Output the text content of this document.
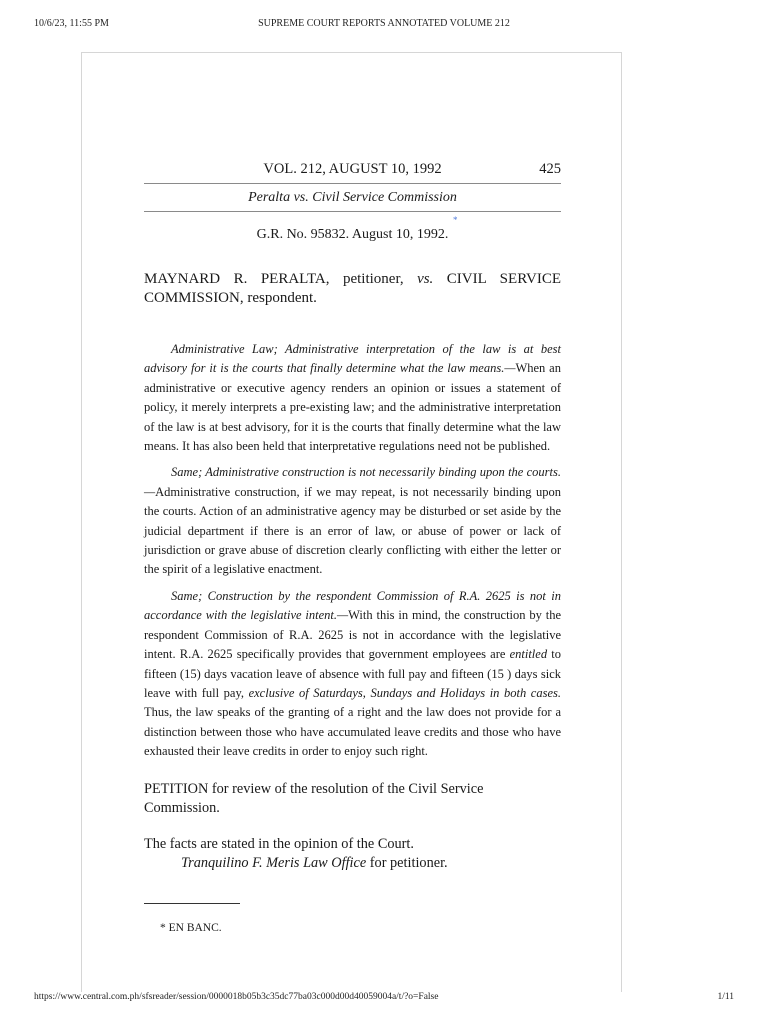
10/6/23, 11:55 PM	SUPREME COURT REPORTS ANNOTATED VOLUME 212
VOL. 212, AUGUST 10, 1992	425
Peralta vs. Civil Service Commission
*
G.R. No. 95832. August 10, 1992.
MAYNARD R. PERALTA, petitioner, vs. CIVIL SERVICE COMMISSION, respondent.

Administrative Law; Administrative interpretation of the law is at best advisory for it is the courts that finally determine what the law means.—When an administrative or executive agency renders an opinion or issues a statement of policy, it merely interprets a pre-existing law; and the administrative interpretation of the law is at best advisory, for it is the courts that finally determine what the law means. It has also been held that interpretative regulations need not be published.

Same; Administrative construction is not necessarily binding upon the courts.—Administrative construction, if we may repeat, is not necessarily binding upon the courts. Action of an administrative agency may be disturbed or set aside by the judicial department if there is an error of law, or abuse of power or lack of jurisdiction or grave abuse of discretion clearly conflicting with either the letter or the spirit of a legislative enactment.

Same; Construction by the respondent Commission of R.A. 2625 is not in accordance with the legislative intent.—With this in mind, the construction by the respondent Commission of R.A. 2625 is not in accordance with the legislative intent. R.A. 2625 specifically provides that government employees are entitled to fifteen (15) days vacation leave of absence with full pay and fifteen (15 ) days sick leave with full pay, exclusive of Saturdays, Sundays and Holidays in both cases. Thus, the law speaks of the granting of a right and the law does not provide for a distinction between those who have accumulated leave credits and those who have exhausted their leave credits in order to enjoy such right.

PETITION for review of the resolution of the Civil Service Commission.

The facts are stated in the opinion of the Court.

Tranquilino F. Meris Law Office for petitioner.

* EN BANC.
https://www.central.com.ph/sfsreader/session/0000018b05b3c35dc77ba03c000d00d40059004a/t/?o=False	1/11
